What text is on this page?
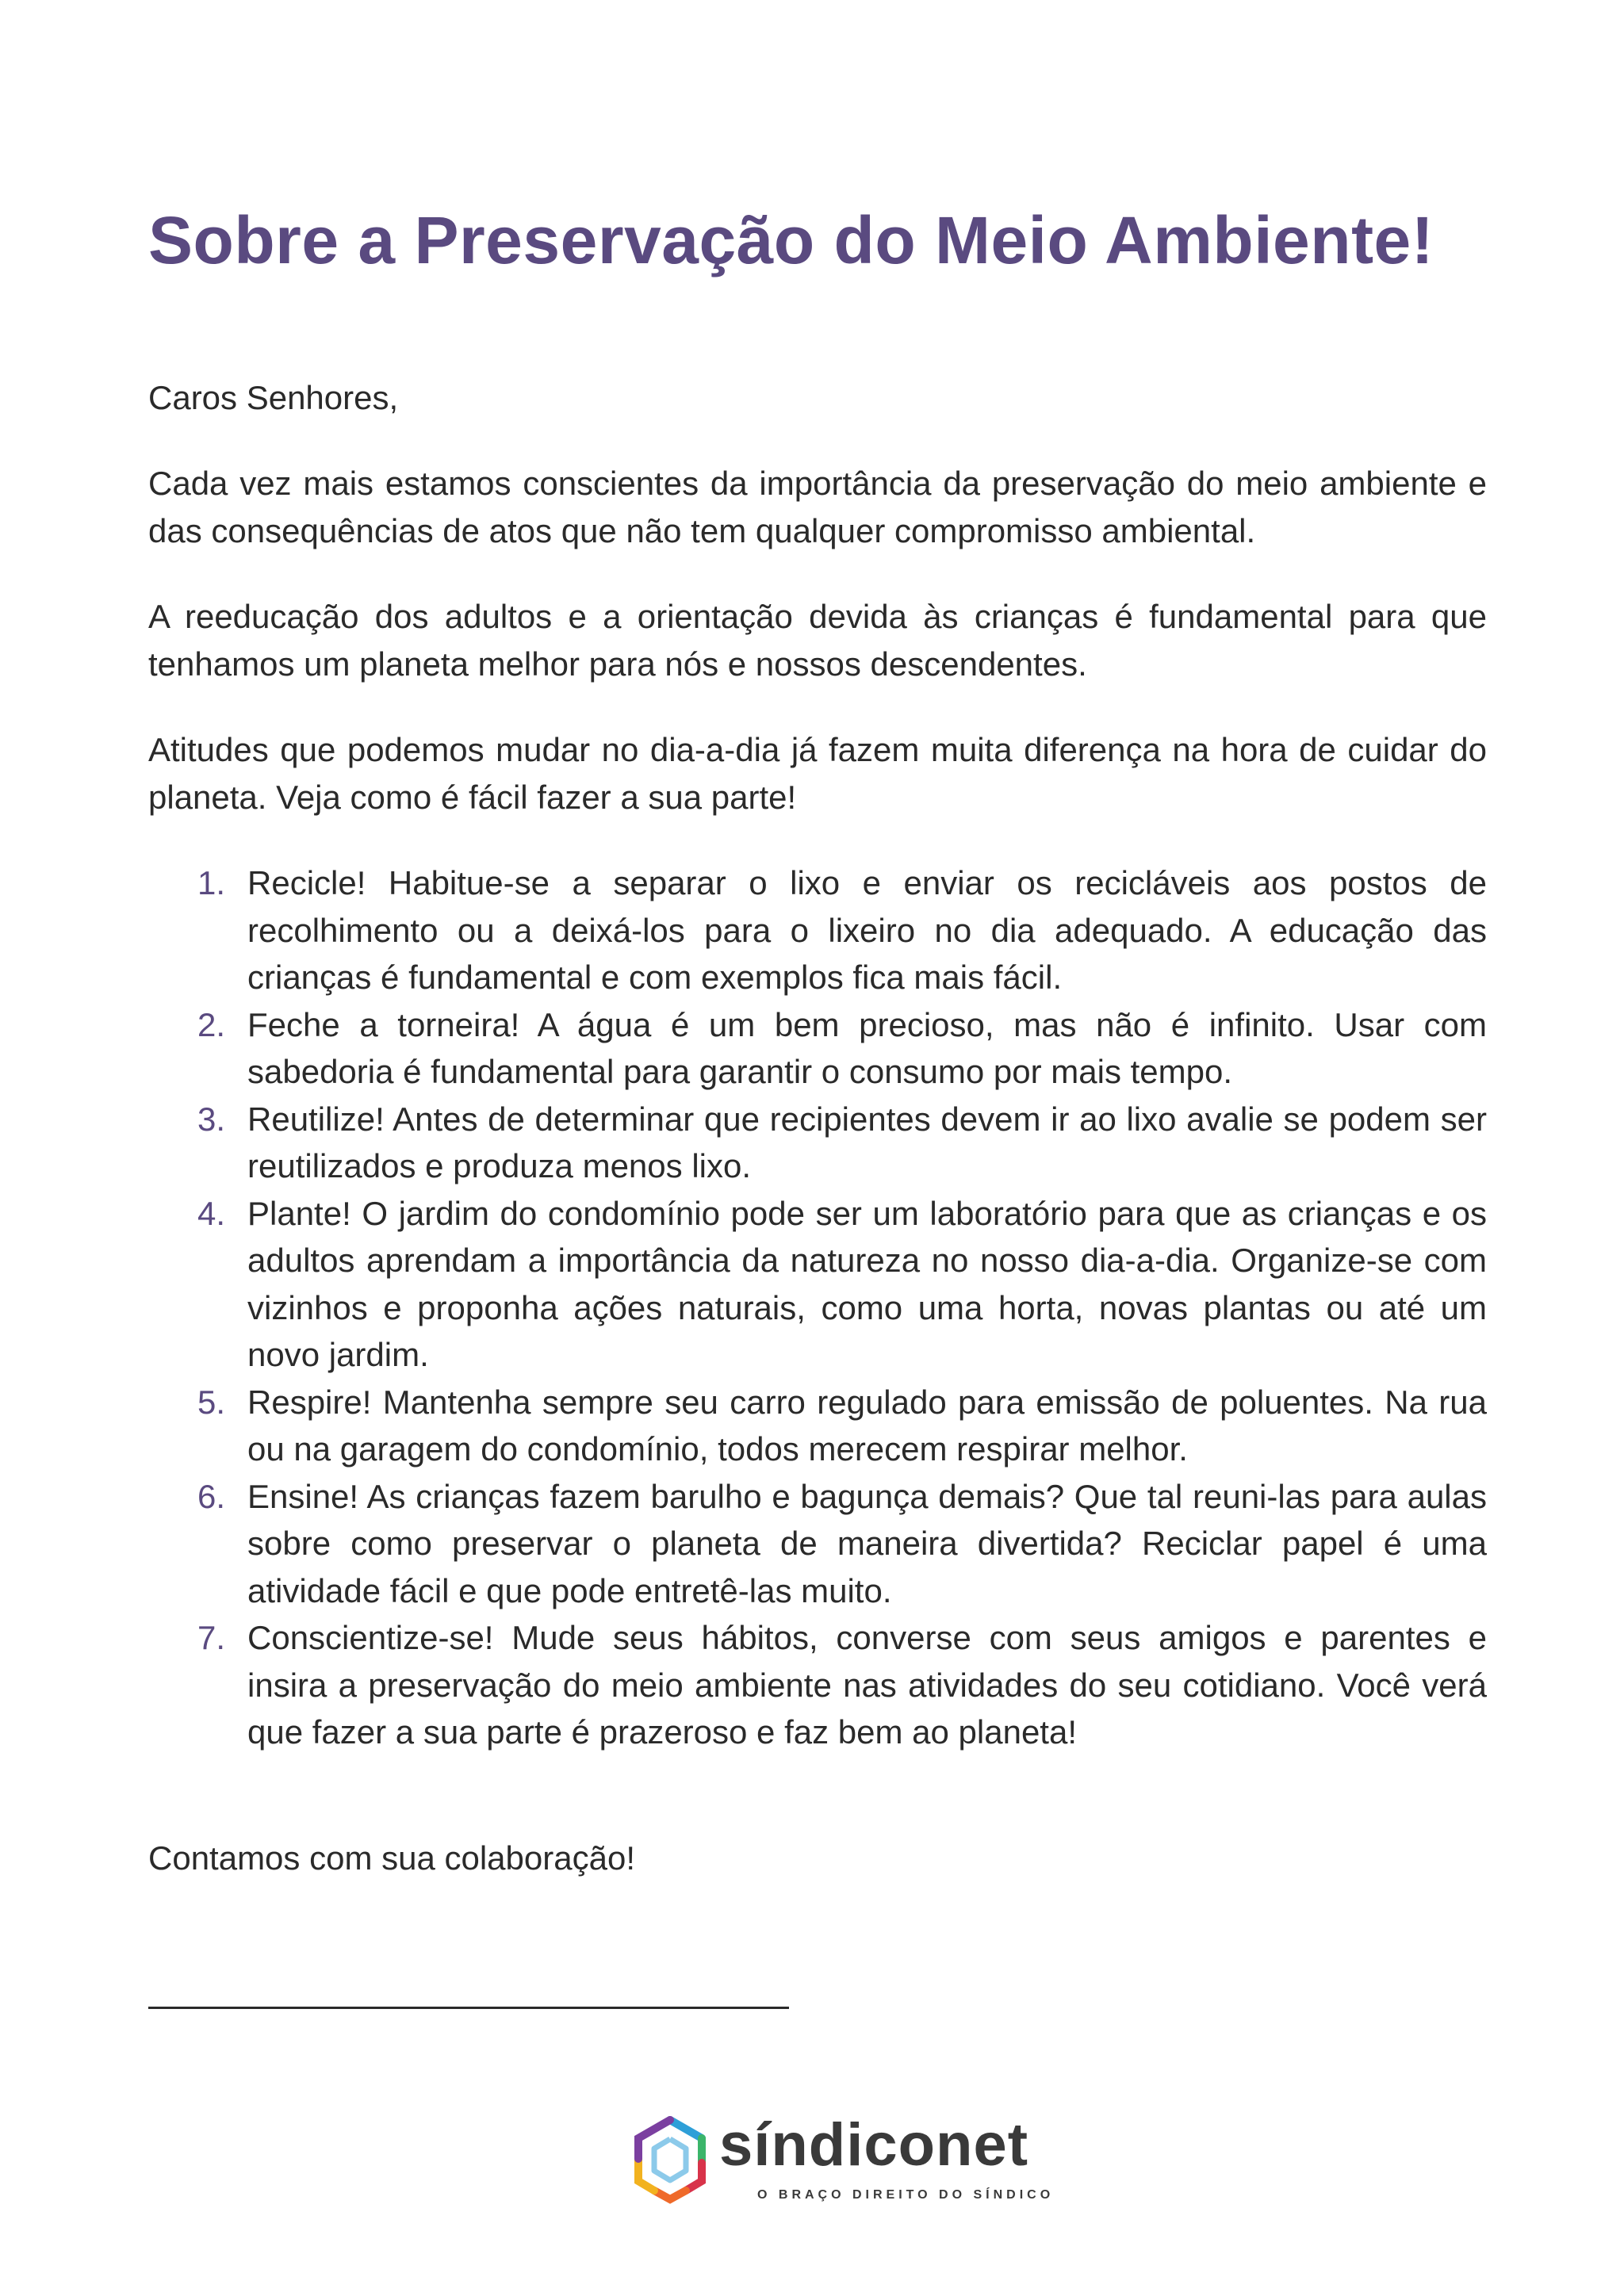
Sobre a Preservação do Meio Ambiente!

Caros Senhores,

Cada vez mais estamos conscientes da importância da preservação do meio ambiente e das consequências de atos que não tem qualquer compromisso ambiental.

A reeducação dos adultos e a orientação devida às crianças é fundamental para que tenhamos um planeta melhor para nós e nossos descendentes.

Atitudes que podemos mudar no dia-a-dia já fazem muita diferença na hora de cuidar do planeta. Veja como é fácil fazer a sua parte!

1. Recicle! Habitue-se a separar o lixo e enviar os recicláveis aos postos de recolhimento ou a deixá-los para o lixeiro no dia adequado. A educação das crianças é fundamental e com exemplos fica mais fácil.
2. Feche a torneira! A água é um bem precioso, mas não é infinito. Usar com sabedoria é fundamental para garantir o consumo por mais tempo.
3. Reutilize! Antes de determinar que recipientes devem ir ao lixo avalie se podem ser reutilizados e produza menos lixo.
4. Plante! O jardim do condomínio pode ser um laboratório para que as crianças e os adultos aprendam a importância da natureza no nosso dia-a-dia. Organize-se com vizinhos e proponha ações naturais, como uma horta, novas plantas ou até um novo jardim.
5. Respire! Mantenha sempre seu carro regulado para emissão de poluentes. Na rua ou na garagem do condomínio, todos merecem respirar melhor.
6. Ensine! As crianças fazem barulho e bagunça demais? Que tal reuni-las para aulas sobre como preservar o planeta de maneira divertida? Reciclar papel é uma atividade fácil e que pode entretê-las muito.
7. Conscientize-se! Mude seus hábitos, converse com seus amigos e parentes e insira a preservação do meio ambiente nas atividades do seu cotidiano. Você verá que fazer a sua parte é prazeroso e faz bem ao planeta!

Contamos com sua colaboração!

síndiconet
O BRAÇO DIREITO DO SÍNDICO
